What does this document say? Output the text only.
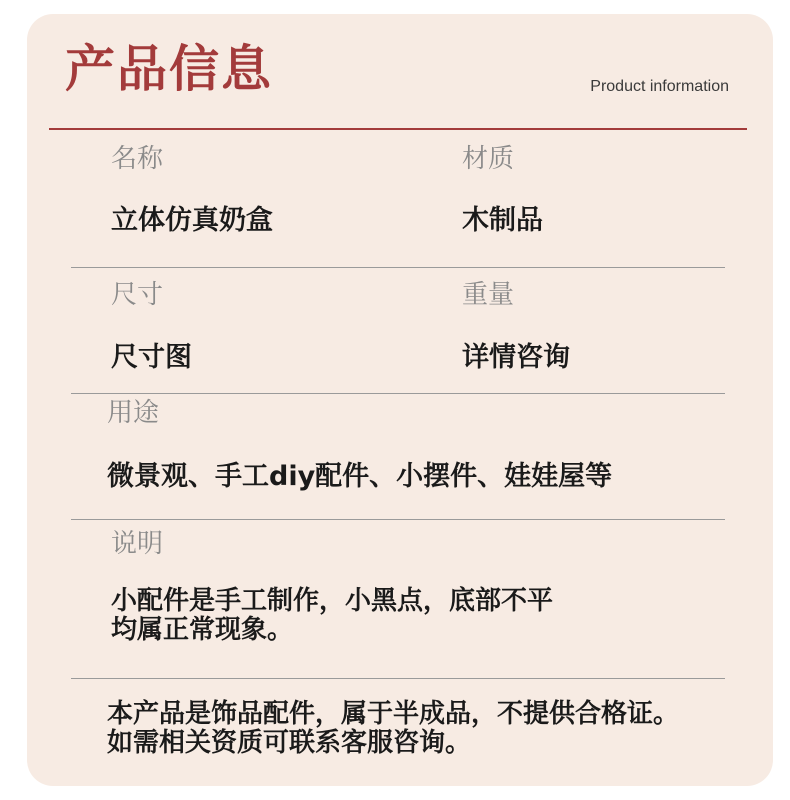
产品信息	Product information
名称	材质
立体仿真奶盒	木制品
尺寸	重量
尺寸图	详情咨询
用途
微景观、手工diy配件、小摆件、娃娃屋等
说明
小配件是手工制作，小黑点，底部不平
均属正常现象。
本产品是饰品配件，属于半成品，不提供合格证。
如需相关资质可联系客服咨询。
